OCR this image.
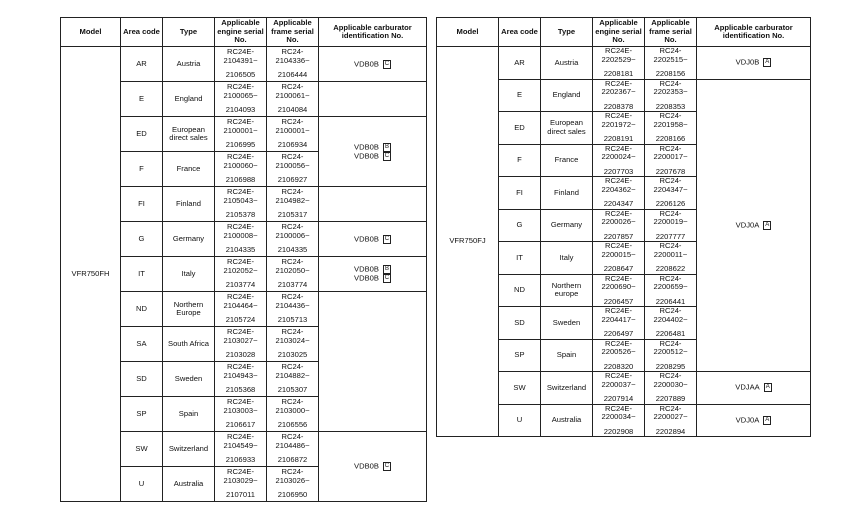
Model	Area code	Type	Applicable engine serial No.	Applicable frame serial No.	Applicable carburator identification No.
VFR750FH	AR	Austria	RC24E-
2104391~
2106505	RC24-
2104336~
2106444	VDB0B C

	E	England	RC24E-
2100065~
2104093	RC24-
2100061~
2104084	

	ED	European direct sales	RC24E-
2100001~
2106995	RC24-
2100001~
2106934	VDB0B B
VDB0B C

	F	France	RC24E-
2100060~
2106988	RC24-
2100056~
2106927	

	FI	Finland	RC24E-
2105043~
2105378	RC24-
2104982~
2105317	

	G	Germany	RC24E-
2100008~
2104335	RC24-
2100006~
2104335	VDB0B C

	IT	Italy	RC24E-
2102052~
2103774	RC24-
2102050~
2103774	VDB0B B
VDB0B C

	ND	Northern Europe	RC24E-
2104464~
2105724	RC24-
2104436~
2105713	

	SA	South Africa	RC24E-
2103027~
2103028	RC24-
2103024~
2103025	

	SD	Sweden	RC24E-
2104943~
2105368	RC24-
2104882~
2105307	

	SP	Spain	RC24E-
2103003~
2106617	RC24-
2103000~
2106556	

	SW	Switzerland	RC24E-
2104549~
2106933	RC24-
2104486~
2106872	VDB0B C

	U	Australia	RC24E-
2103029~
2107011	RC24-
2103026~
2106950	
Model	Area code	Type	Applicable engine serial No.	Applicable frame serial No.	Applicable carburator identification No.
VFR750FJ	AR	Austria	RC24E-
2202529~
2208181	RC24-
2202515~
2208156	VDJ0B A

	E	England	RC24E-
2202367~
2208378	RC24-
2202353~
2208353	VDJ0A A

	ED	European direct sales	RC24E-
2201972~
2208191	RC24-
2201958~
2208166	

	F	France	RC24E-
2200024~
2207703	RC24-
2200017~
2207678	

	FI	Finland	RC24E-
2204362~
2204347	RC24-
2204347~
2206126	

	G	Germany	RC24E-
2200026~
2207857	RC24-
2200019~
2207777	

	IT	Italy	RC24E-
2200015~
2208647	RC24-
2200011~
2208622	

	ND	Northern europe	RC24E-
2200690~
2206457	RC24-
2200659~
2206441	

	SD	Sweden	RC24E-
2204417~
2206497	RC24-
2204402~
2206481	

	SP	Spain	RC24E-
2200526~
2208320	RC24-
2200512~
2208295	

	SW	Switzerland	RC24E-
2200037~
2207914	RC24-
2200030~
2207889	VDJAA A

	U	Australia	RC24E-
2200034~
2202908	RC24-
2200027~
2202894	VDJ0A A
